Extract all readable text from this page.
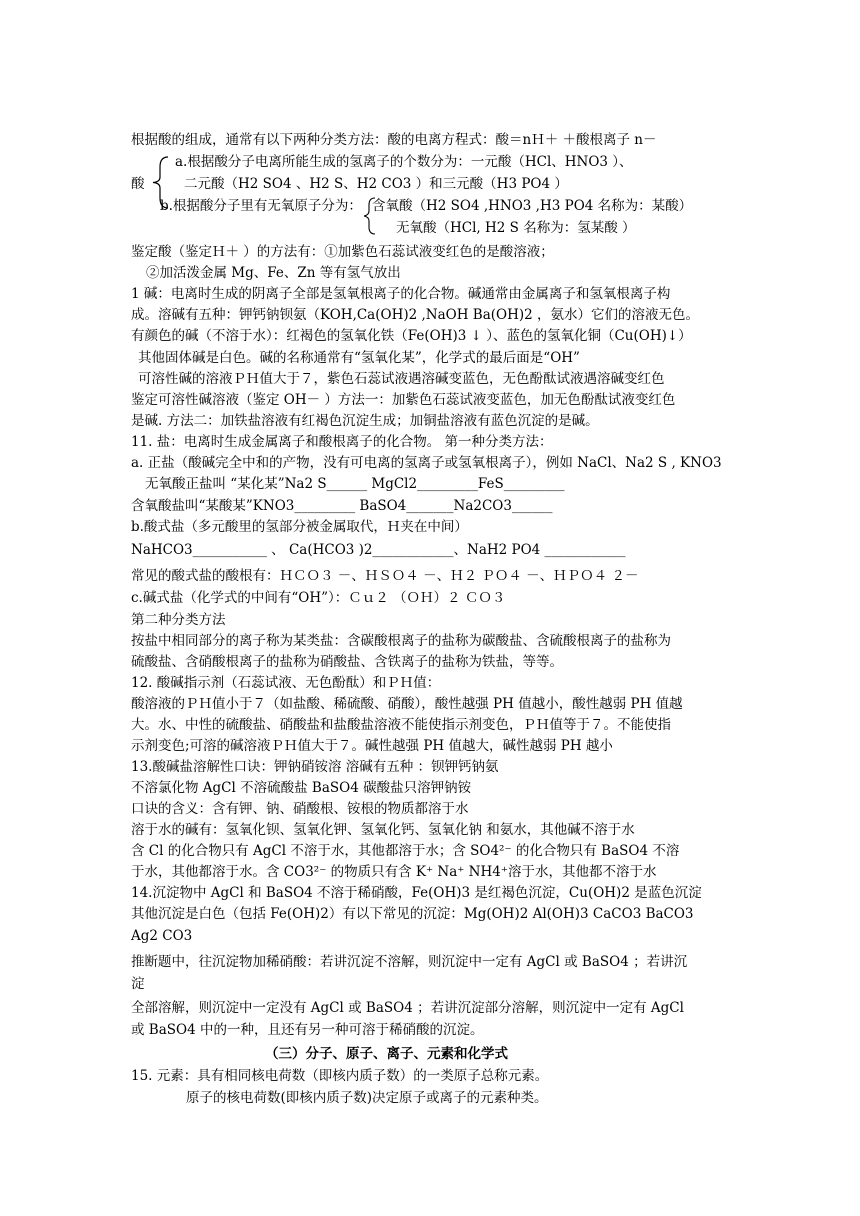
根据酸的组成，通常有以下两种分类方法：酸的电离方程式：酸＝nＨ＋ ＋酸根离子 n－
a.根据酸分子电离所能生成的氢离子的个数分为：一元酸（HCl、HNO3 ）、
酸	二元酸（H2 SO4 、H2 S、H2 CO3 ）和三元酸（H3 PO4 ）
b.根据酸分子里有无氧原子分为： 含氧酸（H2 SO4 ,HNO3 ,H3 PO4 名称为：某酸）
无氧酸（HCl, H2 S 名称为：氢某酸 ）
鉴定酸（鉴定Ｈ＋ ）的方法有：①加紫色石蕊试液变红色的是酸溶液；
②加活泼金属 Mg、Fe、Zn 等有氢气放出
1 碱：电离时生成的阴离子全部是氢氧根离子的化合物。碱通常由金属离子和氢氧根离子构
成。溶碱有五种：钾钙钠钡氨（KOH,Ca(OH)2 ,NaOH Ba(OH)2 ，氨水）它们的溶液无色。
有颜色的碱（不溶于水）：红褐色的氢氧化铁（Fe(OH)3 ↓ ）、蓝色的氢氧化铜（Cu(OH)↓）
其他固体碱是白色。碱的名称通常有“氢氧化某”，化学式的最后面是“OH”
可溶性碱的溶液ＰＨ值大于７，紫色石蕊试液遇溶碱变蓝色，无色酚酞试液遇溶碱变红色
鉴定可溶性碱溶液（鉴定 OH－ ）方法一：加紫色石蕊试液变蓝色，加无色酚酞试液变红色
是碱. 方法二：加铁盐溶液有红褐色沉淀生成；加铜盐溶液有蓝色沉淀的是碱。
11. 盐：电离时生成金属离子和酸根离子的化合物。 第一种分类方法：
a. 正盐（酸碱完全中和的产物，没有可电离的氢离子或氢氧根离子），例如 NaCl、Na2 S , KNO3
无氧酸正盐叫 “某化某”Na2 S______ MgCl2_________FeS_________
含氧酸盐叫“某酸某”KNO3_________ BaSO4_______Na2CO3______
b.酸式盐（多元酸里的氢部分被金属取代，Ｈ夹在中间）
NaHCO3___________ 、 Ca(HCO3 )2____________、NaH2 PO4 ____________
常见的酸式盐的酸根有：ＨＣＯ３ －、ＨＳＯ４ －、Ｈ２ ＰＯ４ －、ＨＰＯ４ ２－
c.碱式盐（化学式的中间有“OH”）：Ｃｕ２ （ＯＨ）２ ＣＯ３
第二种分类方法
按盐中相同部分的离子称为某类盐：含碳酸根离子的盐称为碳酸盐、含硫酸根离子的盐称为
硫酸盐、含硝酸根离子的盐称为硝酸盐、含铁离子的盐称为铁盐，等等。
12. 酸碱指示剂（石蕊试液、无色酚酞）和ＰＨ值：
酸溶液的ＰＨ值小于７（如盐酸、稀硫酸、硝酸），酸性越强 PH 值越小，酸性越弱 PH 值越
大。水、中性的硫酸盐、硝酸盐和盐酸盐溶液不能使指示剂变色，ＰＨ值等于７。不能使指
示剂变色;可溶的碱溶液ＰＨ值大于７。碱性越强 PH 值越大，碱性越弱 PH 越小
13.酸碱盐溶解性口诀：钾钠硝铵溶 溶碱有五种 ：钡钾钙钠氨
不溶氯化物 AgCl 不溶硫酸盐 BaSO4 碳酸盐只溶钾钠铵
口诀的含义：含有钾、钠、硝酸根、铵根的物质都溶于水
溶于水的碱有：氢氧化钡、氢氧化钾、氢氧化钙、氢氧化钠 和氨水，其他碱不溶于水
含 Cl 的化合物只有 AgCl 不溶于水，其他都溶于水；含 SO4²⁻ 的化合物只有 BaSO4 不溶
于水，其他都溶于水。含 CO3²⁻ 的物质只有含 K⁺ Na⁺ NH4⁺溶于水，其他都不溶于水
14.沉淀物中 AgCl 和 BaSO4 不溶于稀硝酸，Fe(OH)3 是红褐色沉淀，Cu(OH)2 是蓝色沉淀
其他沉淀是白色（包括 Fe(OH)2）有以下常见的沉淀：Mg(OH)2 Al(OH)3 CaCO3 BaCO3
Ag2 CO3
推断题中，往沉淀物加稀硝酸：若讲沉淀不溶解，则沉淀中一定有 AgCl 或 BaSO4 ；若讲沉
淀
全部溶解，则沉淀中一定没有 AgCl 或 BaSO4 ；若讲沉淀部分溶解，则沉淀中一定有 AgCl
或 BaSO4 中的一种，且还有另一种可溶于稀硝酸的沉淀。
（三）分子、原子、离子、元素和化学式
15. 元素：具有相同核电荷数（即核内质子数）的一类原子总称元素。
原子的核电荷数(即核内质子数)决定原子或离子的元素种类。
